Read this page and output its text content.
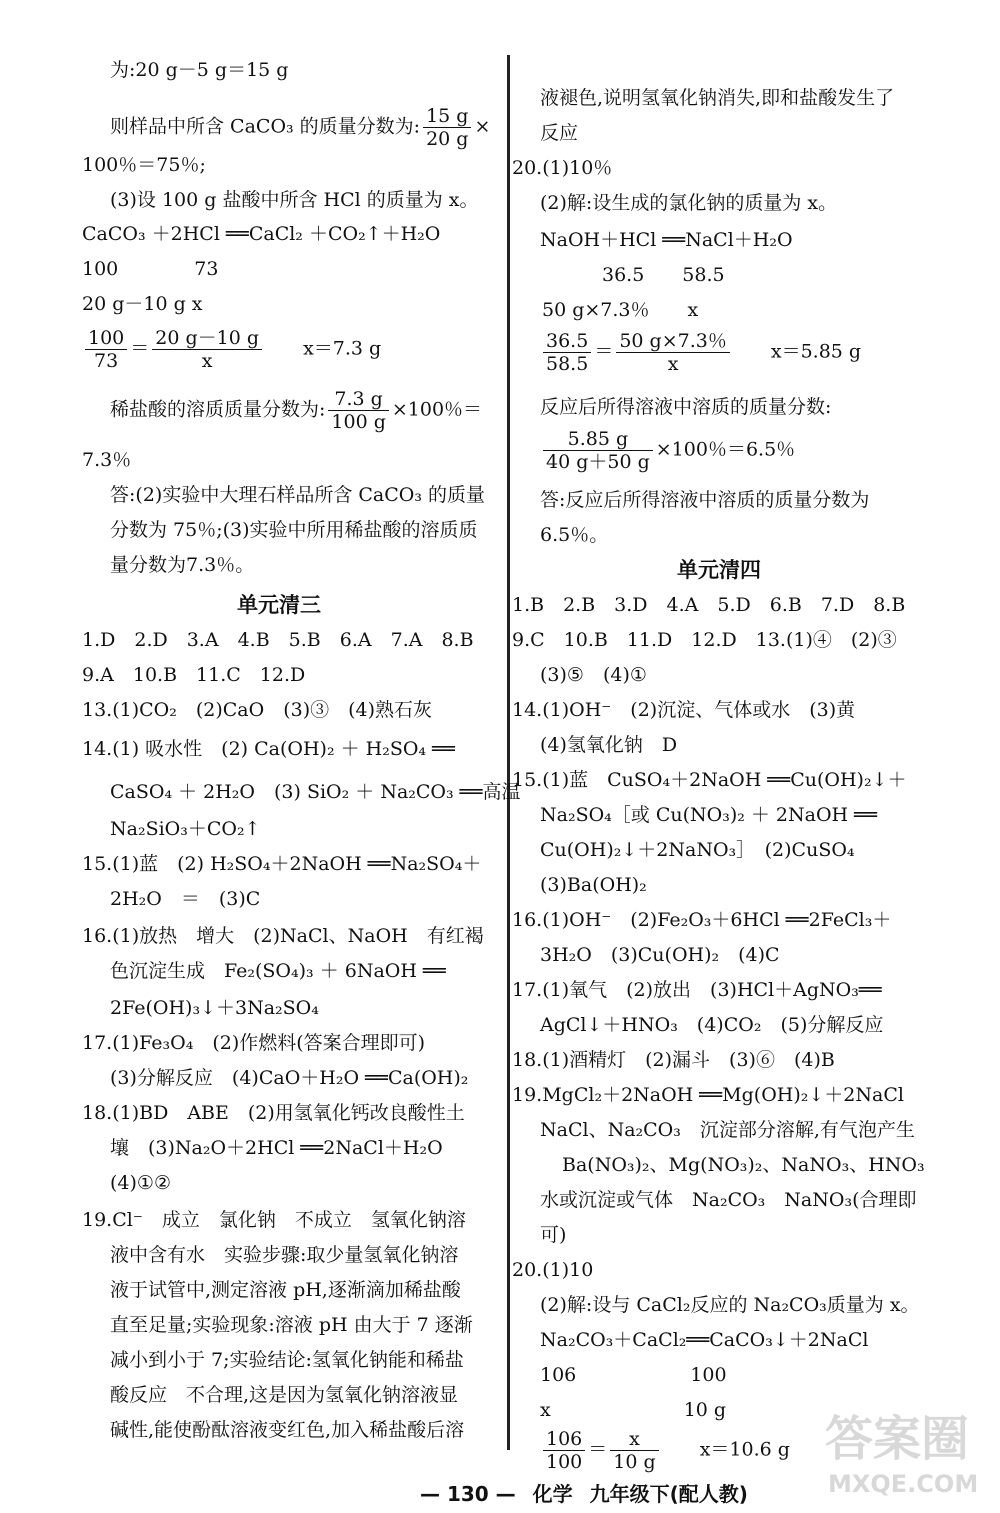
为:20 g－5 g＝15 g
则样品中所含 CaCO₃ 的质量分数为: $\frac{15 g}{20 g}$ ×
100％＝75％;
(3)设 100 g 盐酸中所含 HCl 的质量为 x。
CaCO₃ ＋2HCl ══CaCl₂ ＋CO₂↑＋H₂O
100　　　　73
20 g－10 g x
$\frac{100}{73} = \frac{20 g-10 g}{x}$
　　 x＝7.3 g
稀盐酸的溶质质量分数为: $\frac{7.3 g}{100 g} \times 100$％＝
7.3％
答:(2)实验中大理石样品所含 CaCO₃ 的质量
分数为 75％;(3)实验中所用稀盐酸的溶质质
量分数为7.3％。
单元清三
1.D　2.D　3.A　4.B　5.B　6.A　7.A　8.B
9.A　10.B　11.C　12.D
13.(1)CO₂　(2)CaO　(3)③　(4)熟石灰
14.(1) 吸水性　(2) Ca(OH)₂ ＋ H₂SO₄ ══
CaSO₄ ＋ 2H₂O　(3) SiO₂ ＋ Na₂CO₃ ══高温
Na₂SiO₃＋CO₂↑
15.(1)蓝　(2) H₂SO₄＋2NaOH ══Na₂SO₄＋
2H₂O　＝　(3)C
16.(1)放热　增大　(2)NaCl、NaOH　有红褐
色沉淀生成　Fe₂(SO₄)₃ ＋ 6NaOH ══
2Fe(OH)₃↓＋3Na₂SO₄
17.(1)Fe₃O₄　(2)作燃料(答案合理即可)
(3)分解反应　(4)CaO＋H₂O ══Ca(OH)₂
18.(1)BD　ABE　(2)用氢氧化钙改良酸性土
壤　(3)Na₂O＋2HCl ══2NaCl＋H₂O
(4)①②
19.Cl⁻　成立　氯化钠　不成立　氢氧化钠溶
液中含有水　实验步骤:取少量氢氧化钠溶
液于试管中,测定溶液 pH,逐渐滴加稀盐酸
直至足量;实验现象:溶液 pH 由大于 7 逐渐
减小到小于 7;实验结论:氢氧化钠能和稀盐
酸反应　不合理,这是因为氢氧化钠溶液显
碱性,能使酚酞溶液变红色,加入稀盐酸后溶
液褪色,说明氢氧化钠消失,即和盐酸发生了
反应
20.(1)10％
(2)解:设生成的氯化钠的质量为 x。
NaOH＋HCl ══NaCl＋H₂O
36.5　　58.5
50 g×7.3％　　x
$\frac{36.5}{58.5} = \frac{50 g\times 7.3\%}{x}$
　　 x＝5.85 g
反应后所得溶液中溶质的质量分数:
$\frac{5.85 g}{40 g+50 g} \times 100$％＝6.5％
答:反应后所得溶液中溶质的质量分数为
6.5％。
单元清四
1.B　2.B　3.D　4.A　5.D　6.B　7.D　8.B
9.C　10.B　11.D　12.D　13.(1)④　(2)③
(3)⑤　(4)①
14.(1)OH⁻　(2)沉淀、气体或水　(3)黄
(4)氢氧化钠　D
15.(1)蓝　CuSO₄＋2NaOH ══Cu(OH)₂↓＋
Na₂SO₄［或 Cu(NO₃)₂ ＋ 2NaOH ══
Cu(OH)₂↓＋2NaNO₃］　(2)CuSO₄
(3)Ba(OH)₂
16.(1)OH⁻　(2)Fe₂O₃＋6HCl ══2FeCl₃＋
3H₂O　(3)Cu(OH)₂　(4)C
17.(1)氧气　(2)放出　(3)HCl＋AgNO₃══
AgCl↓＋HNO₃　(4)CO₂　(5)分解反应
18.(1)酒精灯　(2)漏斗　(3)⑥　(4)B
19.MgCl₂＋2NaOH ══Mg(OH)₂↓＋2NaCl
NaCl、Na₂CO₃　沉淀部分溶解,有气泡产生
Ba(NO₃)₂、Mg(NO₃)₂、NaNO₃、HNO₃
水或沉淀或气体　Na₂CO₃　NaNO₃(合理即
可)
20.(1)10
(2)解:设与 CaCl₂反应的 Na₂CO₃质量为 x。
Na₂CO₃＋CaCl₂══CaCO₃↓＋2NaCl
106　　　　　　100
x　　　　　　　10 g
$\frac{106}{100} = \frac{x}{10 g}$
　　 x＝10.6 g
— 130 — 化学 九年级下(配人教)
答案圈
MXQE.COM
